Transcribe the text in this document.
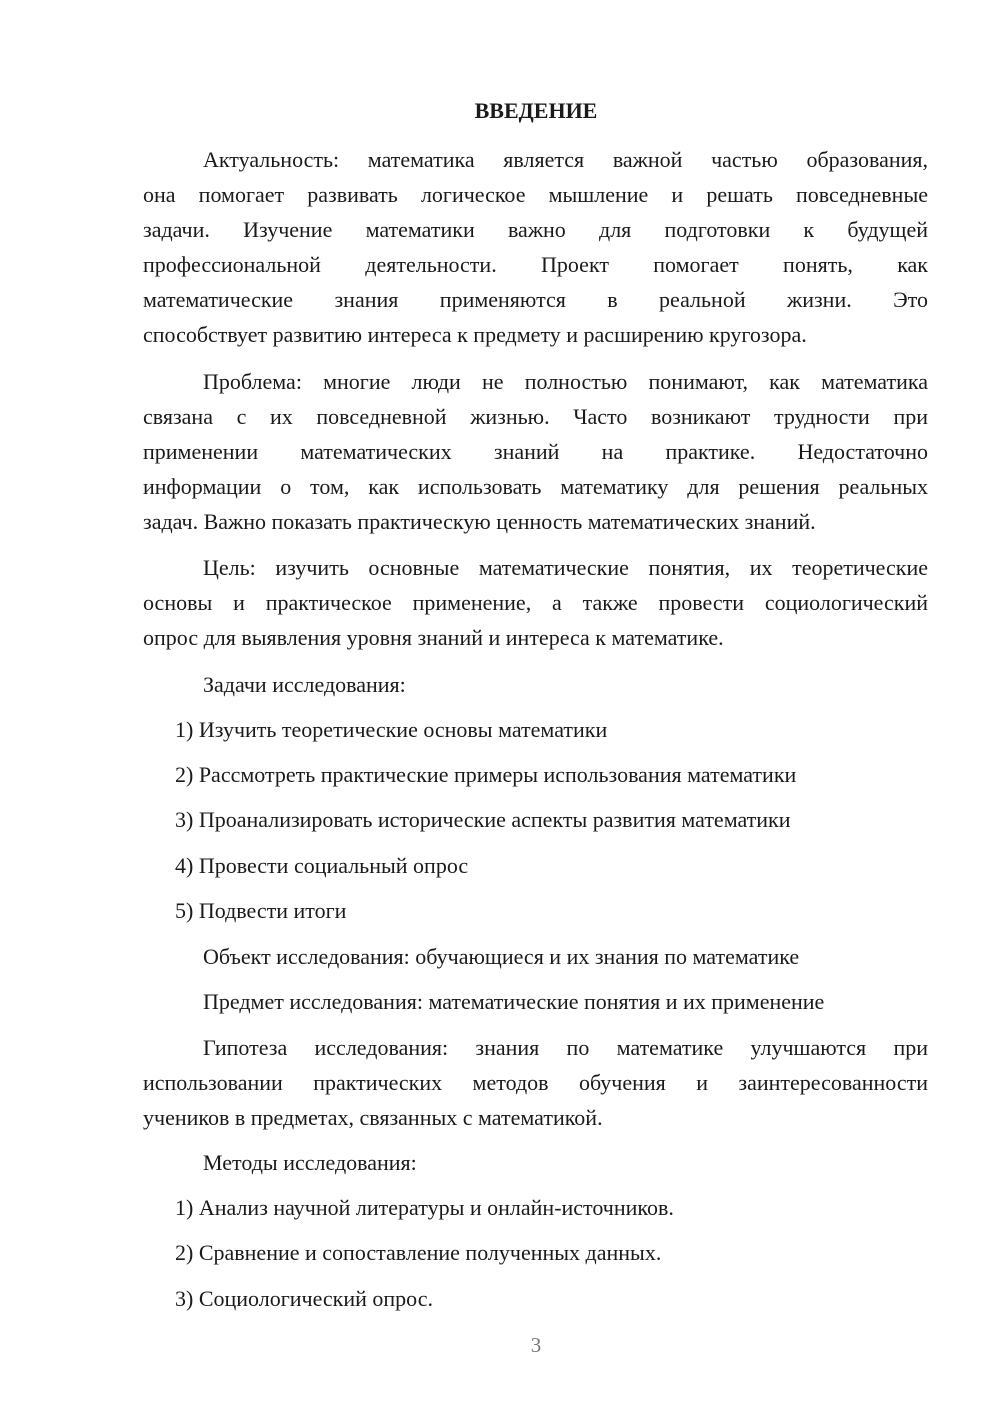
ВВЕДЕНИЕ
Актуальность: математика является важной частью образования,
она помогает развивать логическое мышление и решать повседневные
задачи. Изучение математики важно для подготовки к будущей
профессиональной деятельности. Проект помогает понять, как
математические знания применяются в реальной жизни. Это
способствует развитию интереса к предмету и расширению кругозора.
Проблема: многие люди не полностью понимают, как математика
связана с их повседневной жизнью. Часто возникают трудности при
применении математических знаний на практике. Недостаточно
информации о том, как использовать математику для решения реальных
задач. Важно показать практическую ценность математических знаний.
Цель: изучить основные математические понятия, их теоретические
основы и практическое применение, а также провести социологический
опрос для выявления уровня знаний и интереса к математике.
Задачи исследования:
1) Изучить теоретические основы математики
2) Рассмотреть практические примеры использования математики
3) Проанализировать исторические аспекты развития математики
4) Провести социальный опрос
5) Подвести итоги
Объект исследования: обучающиеся и их знания по математике
Предмет исследования: математические понятия и их применение
Гипотеза исследования: знания по математике улучшаются при
использовании практических методов обучения и заинтересованности
учеников в предметах, связанных с математикой.
Методы исследования:
1) Анализ научной литературы и онлайн-источников.
2) Сравнение и сопоставление полученных данных.
3) Социологический опрос.
3
